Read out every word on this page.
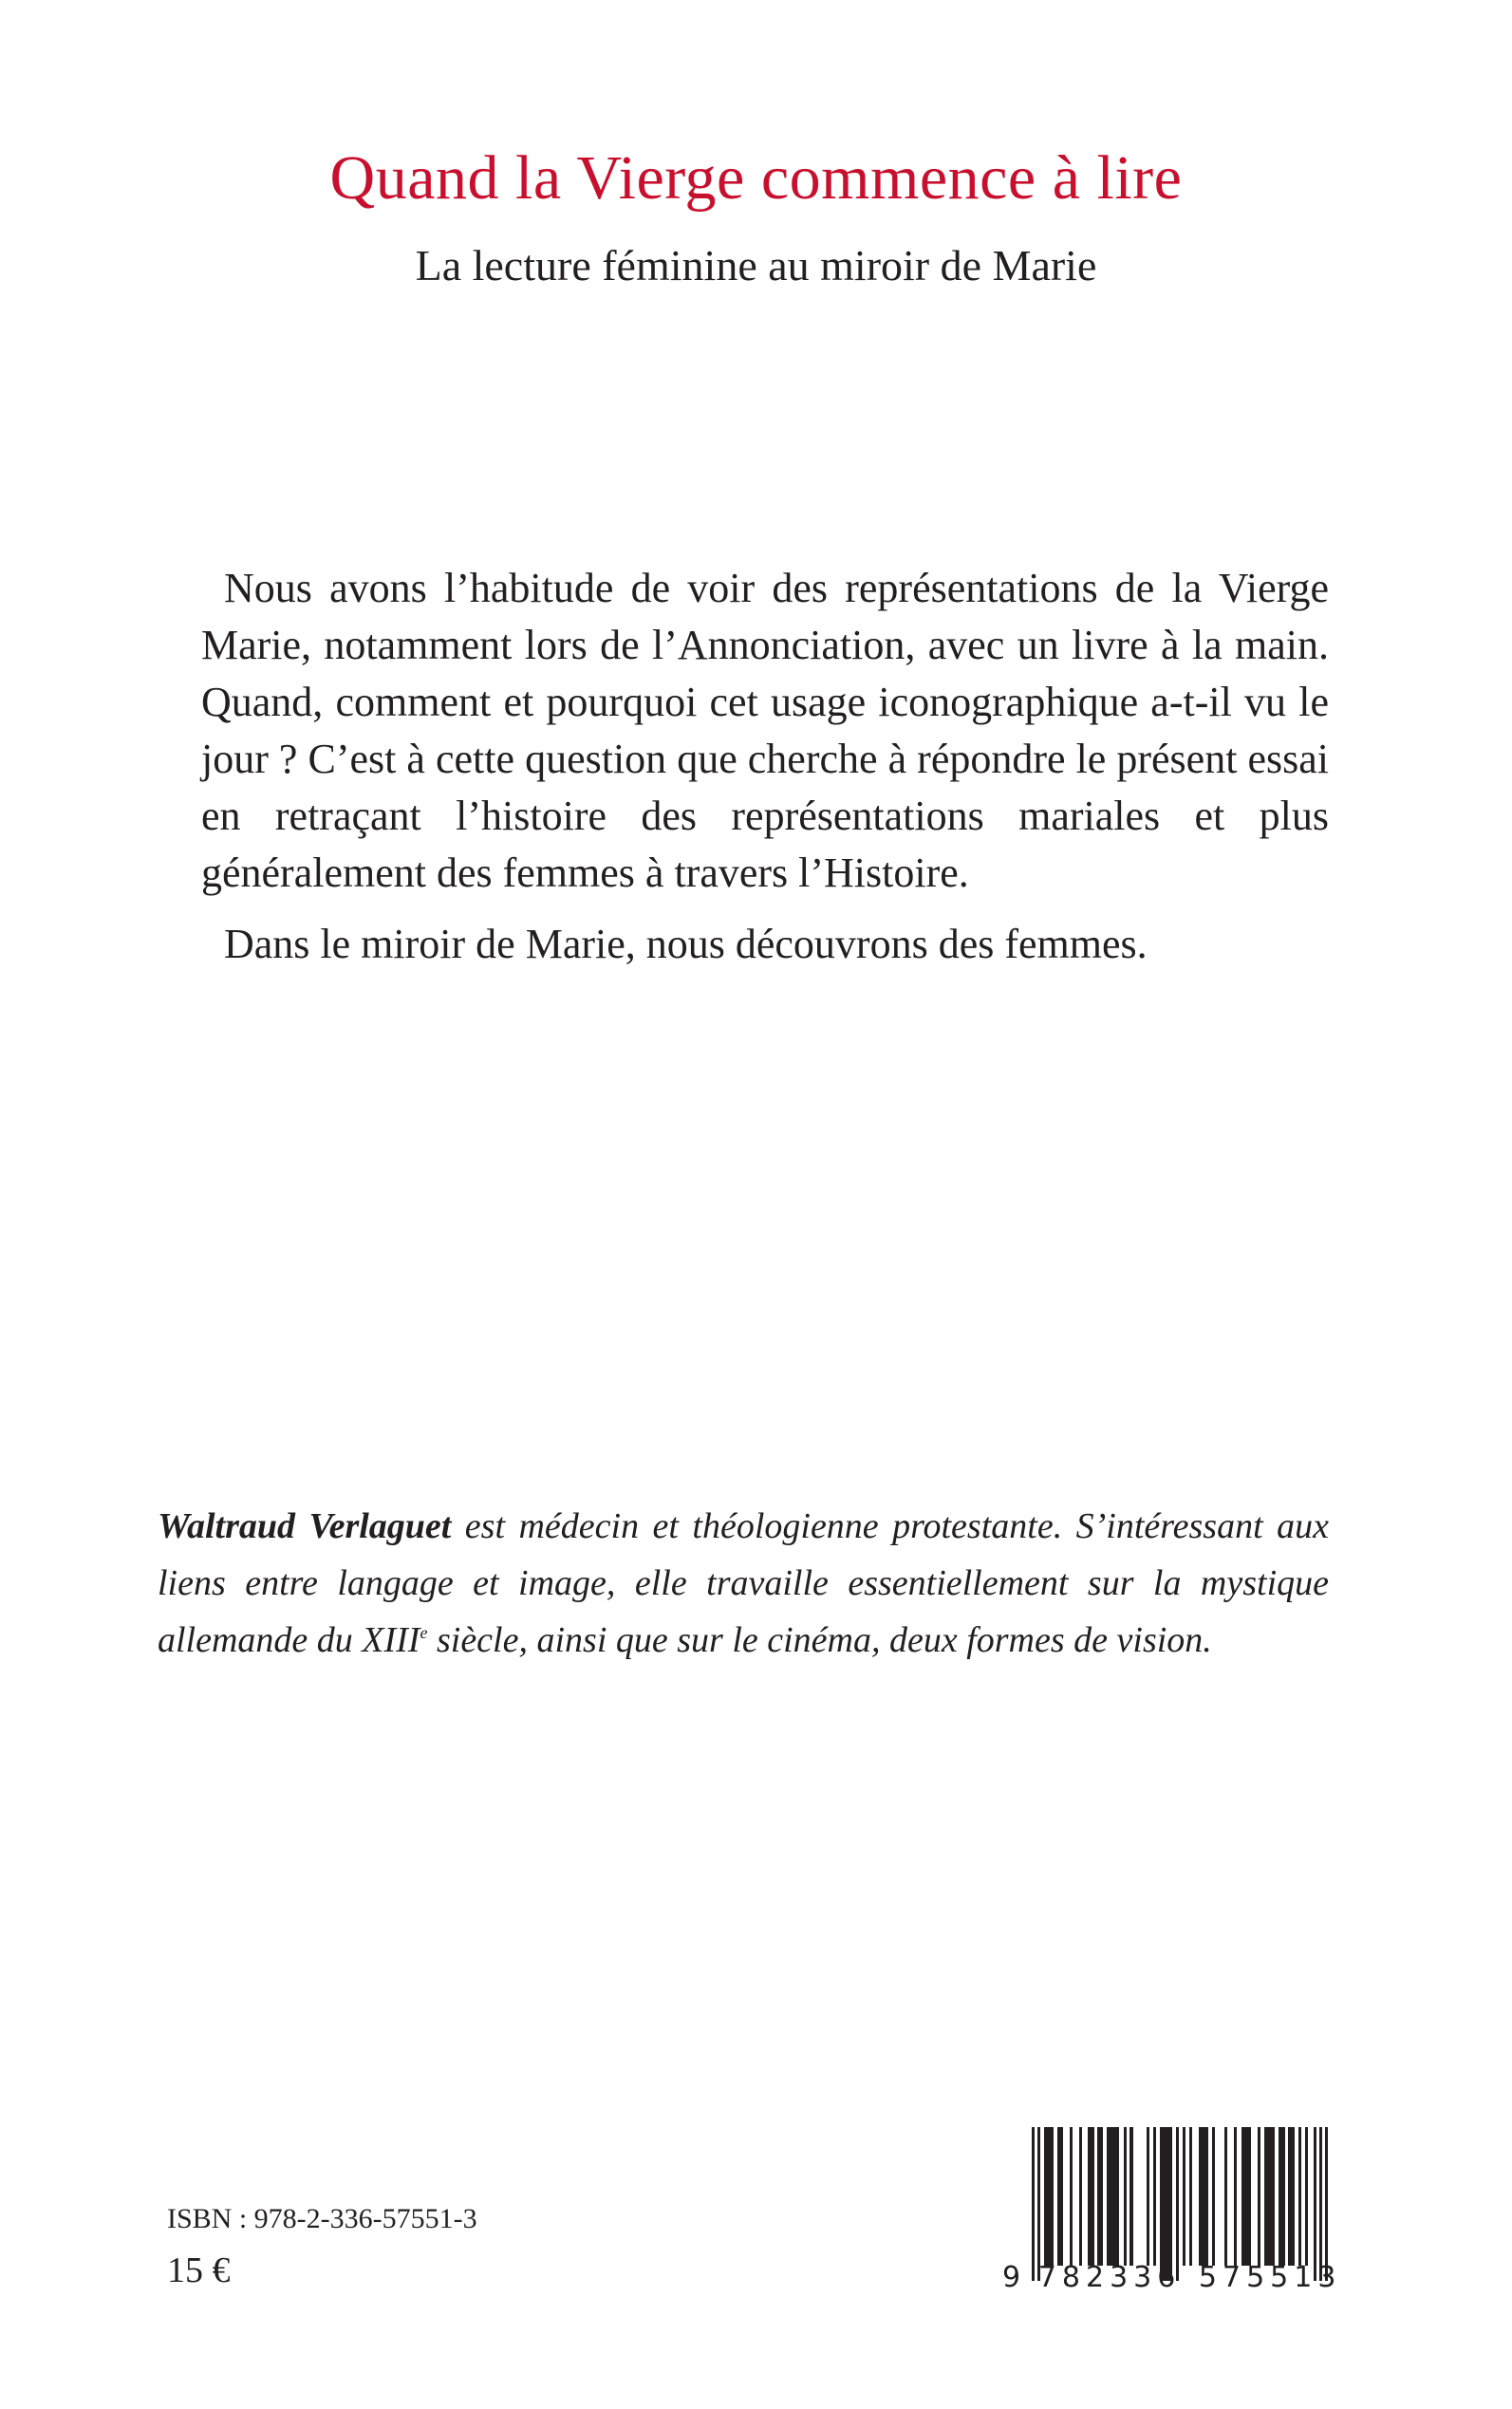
Quand la Vierge commence à lire
La lecture féminine au miroir de Marie

Nous avons l’habitude de voir des représentations de la Vierge Marie, notamment lors de l’Annonciation, avec un livre à la main. Quand, comment et pourquoi cet usage iconographique a-t-il vu le jour ? C’est à cette question que cherche à répondre le présent essai en retraçant l’histoire des représentations mariales et plus généralement des femmes à travers l’Histoire.

Dans le miroir de Marie, nous découvrons des femmes.

Waltraud Verlaguet est médecin et théologienne protestante. S’intéressant aux liens entre langage et image, elle travaille essentiellement sur la mystique allemande du XIIIe siècle, ainsi que sur le cinéma, deux formes de vision.
ISBN : 978-2-336-57551-3
15 €	9 782336 575513
